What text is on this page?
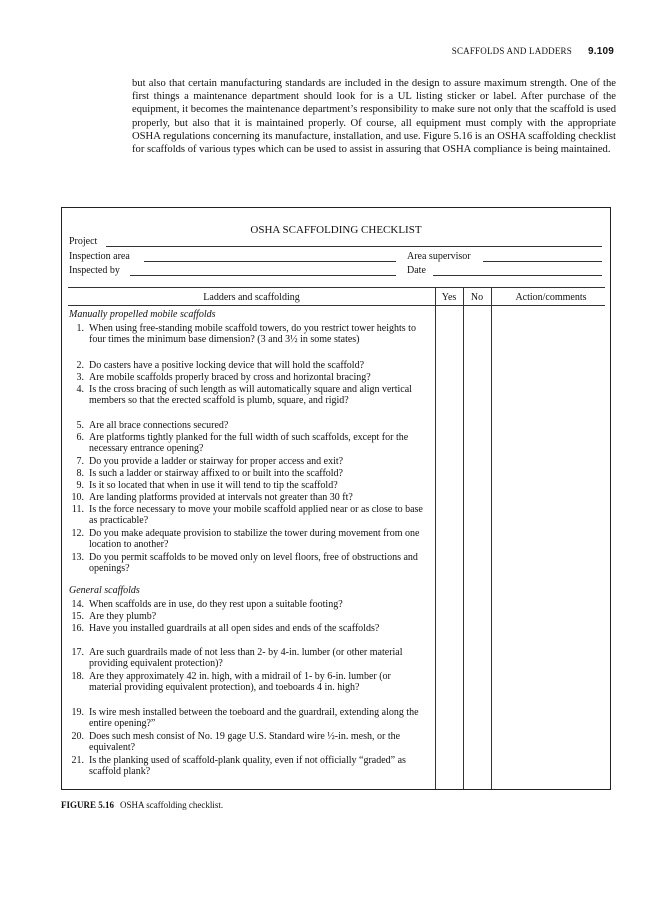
SCAFFOLDS AND LADDERS 9.109
but also that certain manufacturing standards are included in the design to assure maximum strength. One of the first things a maintenance department should look for is a UL listing sticker or label. After purchase of the equipment, it becomes the maintenance department’s responsibility to make sure not only that the scaffold is used properly, but also that it is maintained properly. Of course, all equipment must comply with the appropriate OSHA regulations concerning its manufacture, installation, and use. Figure 5.16 is an OSHA scaffolding checklist for scaffolds of various types which can be used to assist in assuring that OSHA compliance is being maintained.
OSHA SCAFFOLDING CHECKLIST
Project
Inspection area	Area supervisor
Inspected by	Date
Ladders and scaffolding	Yes	No	Action/comments
Manually propelled mobile scaffolds
1. When using free-standing mobile scaffold towers, do you restrict tower heights to four times the minimum base dimension? (3 and 3½ in some states)
2. Do casters have a positive locking device that will hold the scaffold?
3. Are mobile scaffolds properly braced by cross and horizontal bracing?
4. Is the cross bracing of such length as will automatically square and align vertical members so that the erected scaffold is plumb, square, and rigid?
5. Are all brace connections secured?
6. Are platforms tightly planked for the full width of such scaffolds, except for the necessary entrance opening?
7. Do you provide a ladder or stairway for proper access and exit?
8. Is such a ladder or stairway affixed to or built into the scaffold?
9. Is it so located that when in use it will tend to tip the scaffold?
10. Are landing platforms provided at intervals not greater than 30 ft?
11. Is the force necessary to move your mobile scaffold applied near or as close to base as practicable?
12. Do you make adequate provision to stabilize the tower during movement from one location to another?
13. Do you permit scaffolds to be moved only on level floors, free of obstructions and openings?
General scaffolds
14. When scaffolds are in use, do they rest upon a suitable footing?
15. Are they plumb?
16. Have you installed guardrails at all open sides and ends of the scaffolds?
17. Are such guardrails made of not less than 2- by 4-in. lumber (or other material providing equivalent protection)?
18. Are they approximately 42 in. high, with a midrail of 1- by 6-in. lumber (or material providing equivalent protection), and toeboards 4 in. high?
19. Is wire mesh installed between the toeboard and the guardrail, extending along the entire opening?”
20. Does such mesh consist of No. 19 gage U.S. Standard wire ½-in. mesh, or the equivalent?
21. Is the planking used of scaffold-plank quality, even if not officially “graded” as scaffold plank?
FIGURE 5.16 OSHA scaffolding checklist.
